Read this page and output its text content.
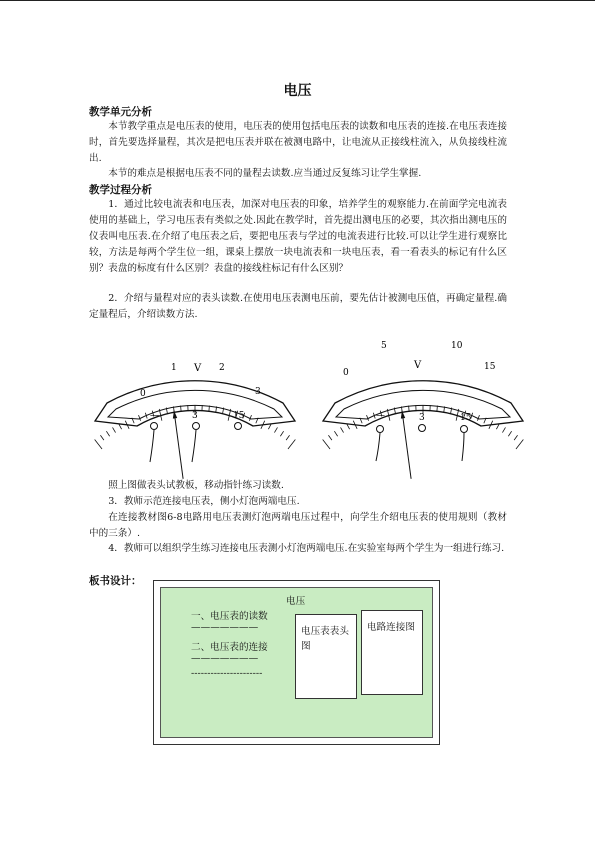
电压
教学单元分析

本节教学重点是电压表的使用，电压表的使用包括电压表的读数和电压表的连接.在电压表连接时，首先要选择量程，其次是把电压表并联在被测电路中，让电流从正接线柱流入，从负接线柱流出.

本节的难点是根据电压表不同的量程去读数.应当通过反复练习让学生掌握.

教学过程分析

1．通过比较电流表和电压表，加深对电压表的印象，培养学生的观察能力.在前面学完电流表使用的基础上，学习电压表有类似之处.因此在教学时，首先提出测电压的必要，其次指出测电压的仪表叫电压表.在介绍了电压表之后，要把电压表与学过的电流表进行比较.可以让学生进行观察比较，方法是每两个学生位一组，课桌上摆放一块电流表和一块电压表，看一看表头的标记有什么区别？表盘的标度有什么区别？表盘的接线柱标记有什么区别？

2．介绍与量程对应的表头读数.在使用电压表测电压前，要先估计被测电压值，再确定量程.确定量程后，介绍读数方法.

0
1	2
3
V
—	3	15
0
5	10
15
V
—	3	15

照上图做表头试教板，移动指针练习读数.

3．教师示范连接电压表，侧小灯泡两端电压.

在连接教材图6-8电路用电压表测灯泡两端电压过程中，向学生介绍电压表的使用规则（教材中的三条）.

4．教师可以组织学生练习连接电压表测小灯泡两端电压.在实验室每两个学生为一组进行练习.

板书设计：
电压
一、电压表的读数
———————
二、电压表的连接
———————
----------------------
电压表表头图
电路连接图
